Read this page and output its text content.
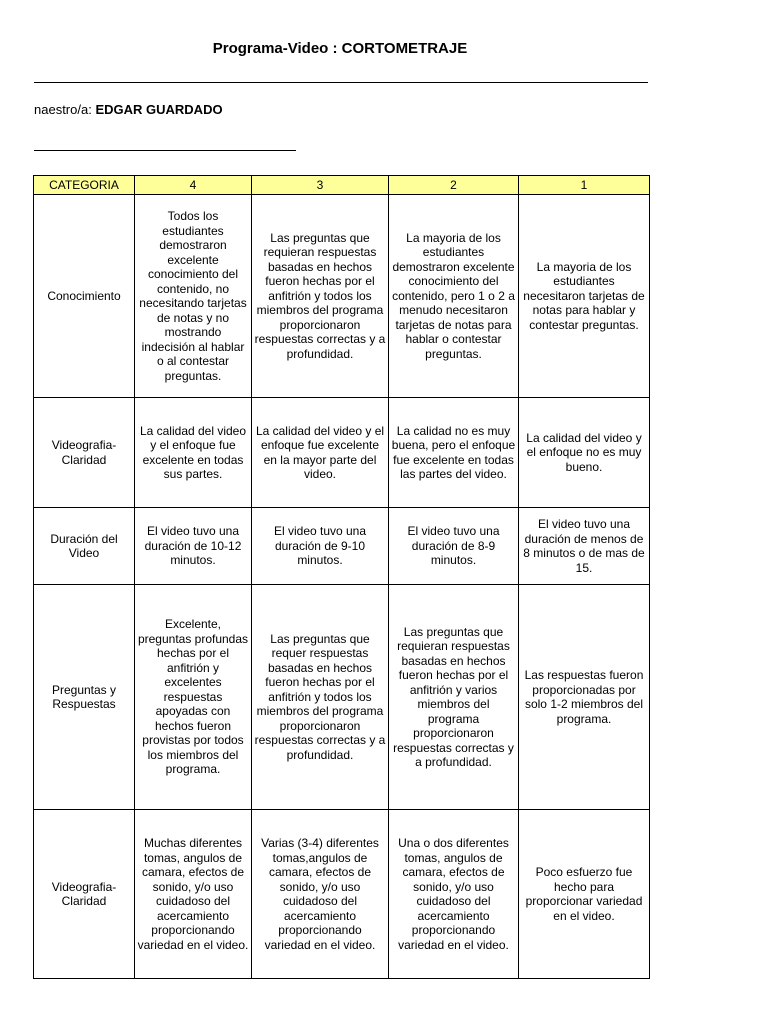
Programa-Video : CORTOMETRAJE
naestro/a: EDGAR GUARDADO
CATEGORIA	4	3	2	1
Conocimiento	Todos los estudiantes demostraron excelente conocimiento del contenido, no necesitando tarjetas de notas y no mostrando indecisión al hablar o al contestar preguntas.	Las preguntas que requieran respuestas basadas en hechos fueron hechas por el anfitrión y todos los miembros del programa proporcionaron respuestas correctas y a profundidad.	La mayoria de los estudiantes demostraron excelente conocimiento del contenido, pero 1 o 2 a menudo necesitaron tarjetas de notas para hablar o contestar preguntas.	La mayoria de los estudiantes necesitaron tarjetas de notas para hablar y contestar preguntas.
Videografia- Claridad	La calidad del video y el enfoque fue excelente en todas sus partes.	La calidad del video y el enfoque fue excelente en la mayor parte del video.	La calidad no es muy buena, pero el enfoque fue excelente en todas las partes del video.	La calidad del video y el enfoque no es muy bueno.
Duración del Video	El video tuvo una duración de 10-12 minutos.	El video tuvo una duración de 9-10 minutos.	El video tuvo una duración de 8-9 minutos.	El video tuvo una duración de menos de 8 minutos o de mas de 15.
Preguntas y Respuestas	Excelente, preguntas profundas hechas por el anfitrión y excelentes respuestas apoyadas con hechos fueron provistas por todos los miembros del programa.	Las preguntas que requer respuestas basadas en hechos fueron hechas por el anfitrión y todos los miembros del programa proporcionaron respuestas correctas y a profundidad.	Las preguntas que requieran respuestas basadas en hechos fueron hechas por el anfitrión y varios miembros del programa proporcionaron respuestas correctas y a profundidad.	Las respuestas fueron proporcionadas por solo 1-2 miembros del programa.
Videografia- Claridad	Muchas diferentes tomas, angulos de camara, efectos de sonido, y/o uso cuidadoso del acercamiento proporcionando variedad en el video.	Varias (3-4) diferentes tomas,angulos de camara, efectos de sonido, y/o uso cuidadoso del acercamiento proporcionando variedad en el video.	Una o dos diferentes tomas, angulos de camara, efectos de sonido, y/o uso cuidadoso del acercamiento proporcionando variedad en el video.	Poco esfuerzo fue hecho para proporcionar variedad en el video.
